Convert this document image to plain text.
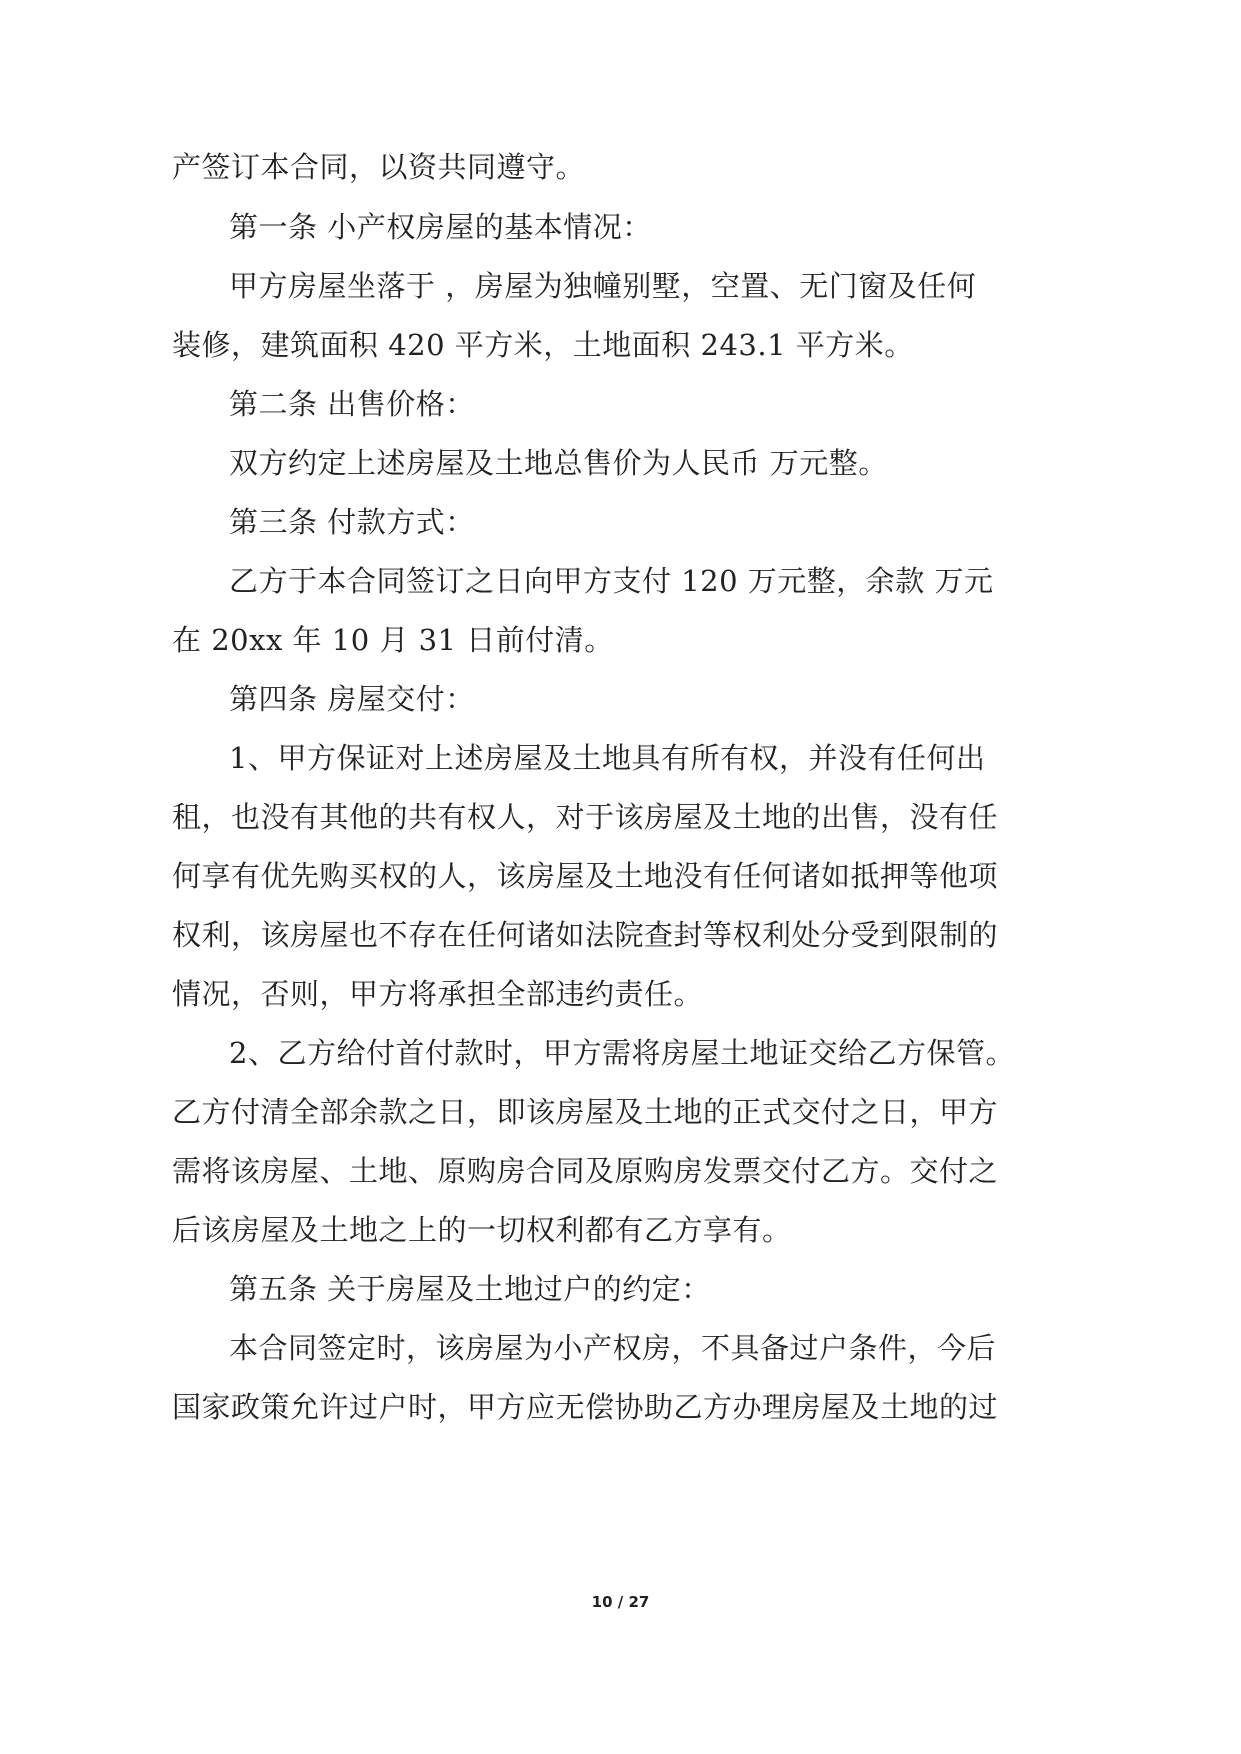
产签订本合同，以资共同遵守。
第一条 小产权房屋的基本情况：
甲方房屋坐落于 ，房屋为独幢别墅，空置、无门窗及任何
装修，建筑面积 420 平方米，土地面积 243.1 平方米。
第二条 出售价格：
双方约定上述房屋及土地总售价为人民币 万元整。
第三条 付款方式：
乙方于本合同签订之日向甲方支付 120 万元整，余款 万元
在 20xx 年 10 月 31 日前付清。
第四条 房屋交付：
1、甲方保证对上述房屋及土地具有所有权，并没有任何出
租，也没有其他的共有权人，对于该房屋及土地的出售，没有任
何享有优先购买权的人，该房屋及土地没有任何诸如抵押等他项
权利，该房屋也不存在任何诸如法院查封等权利处分受到限制的
情况，否则，甲方将承担全部违约责任。
2、乙方给付首付款时，甲方需将房屋土地证交给乙方保管。
乙方付清全部余款之日，即该房屋及土地的正式交付之日，甲方
需将该房屋、土地、原购房合同及原购房发票交付乙方。交付之
后该房屋及土地之上的一切权利都有乙方享有。
第五条 关于房屋及土地过户的约定：
本合同签定时，该房屋为小产权房，不具备过户条件，今后
国家政策允许过户时，甲方应无偿协助乙方办理房屋及土地的过
10 / 27
